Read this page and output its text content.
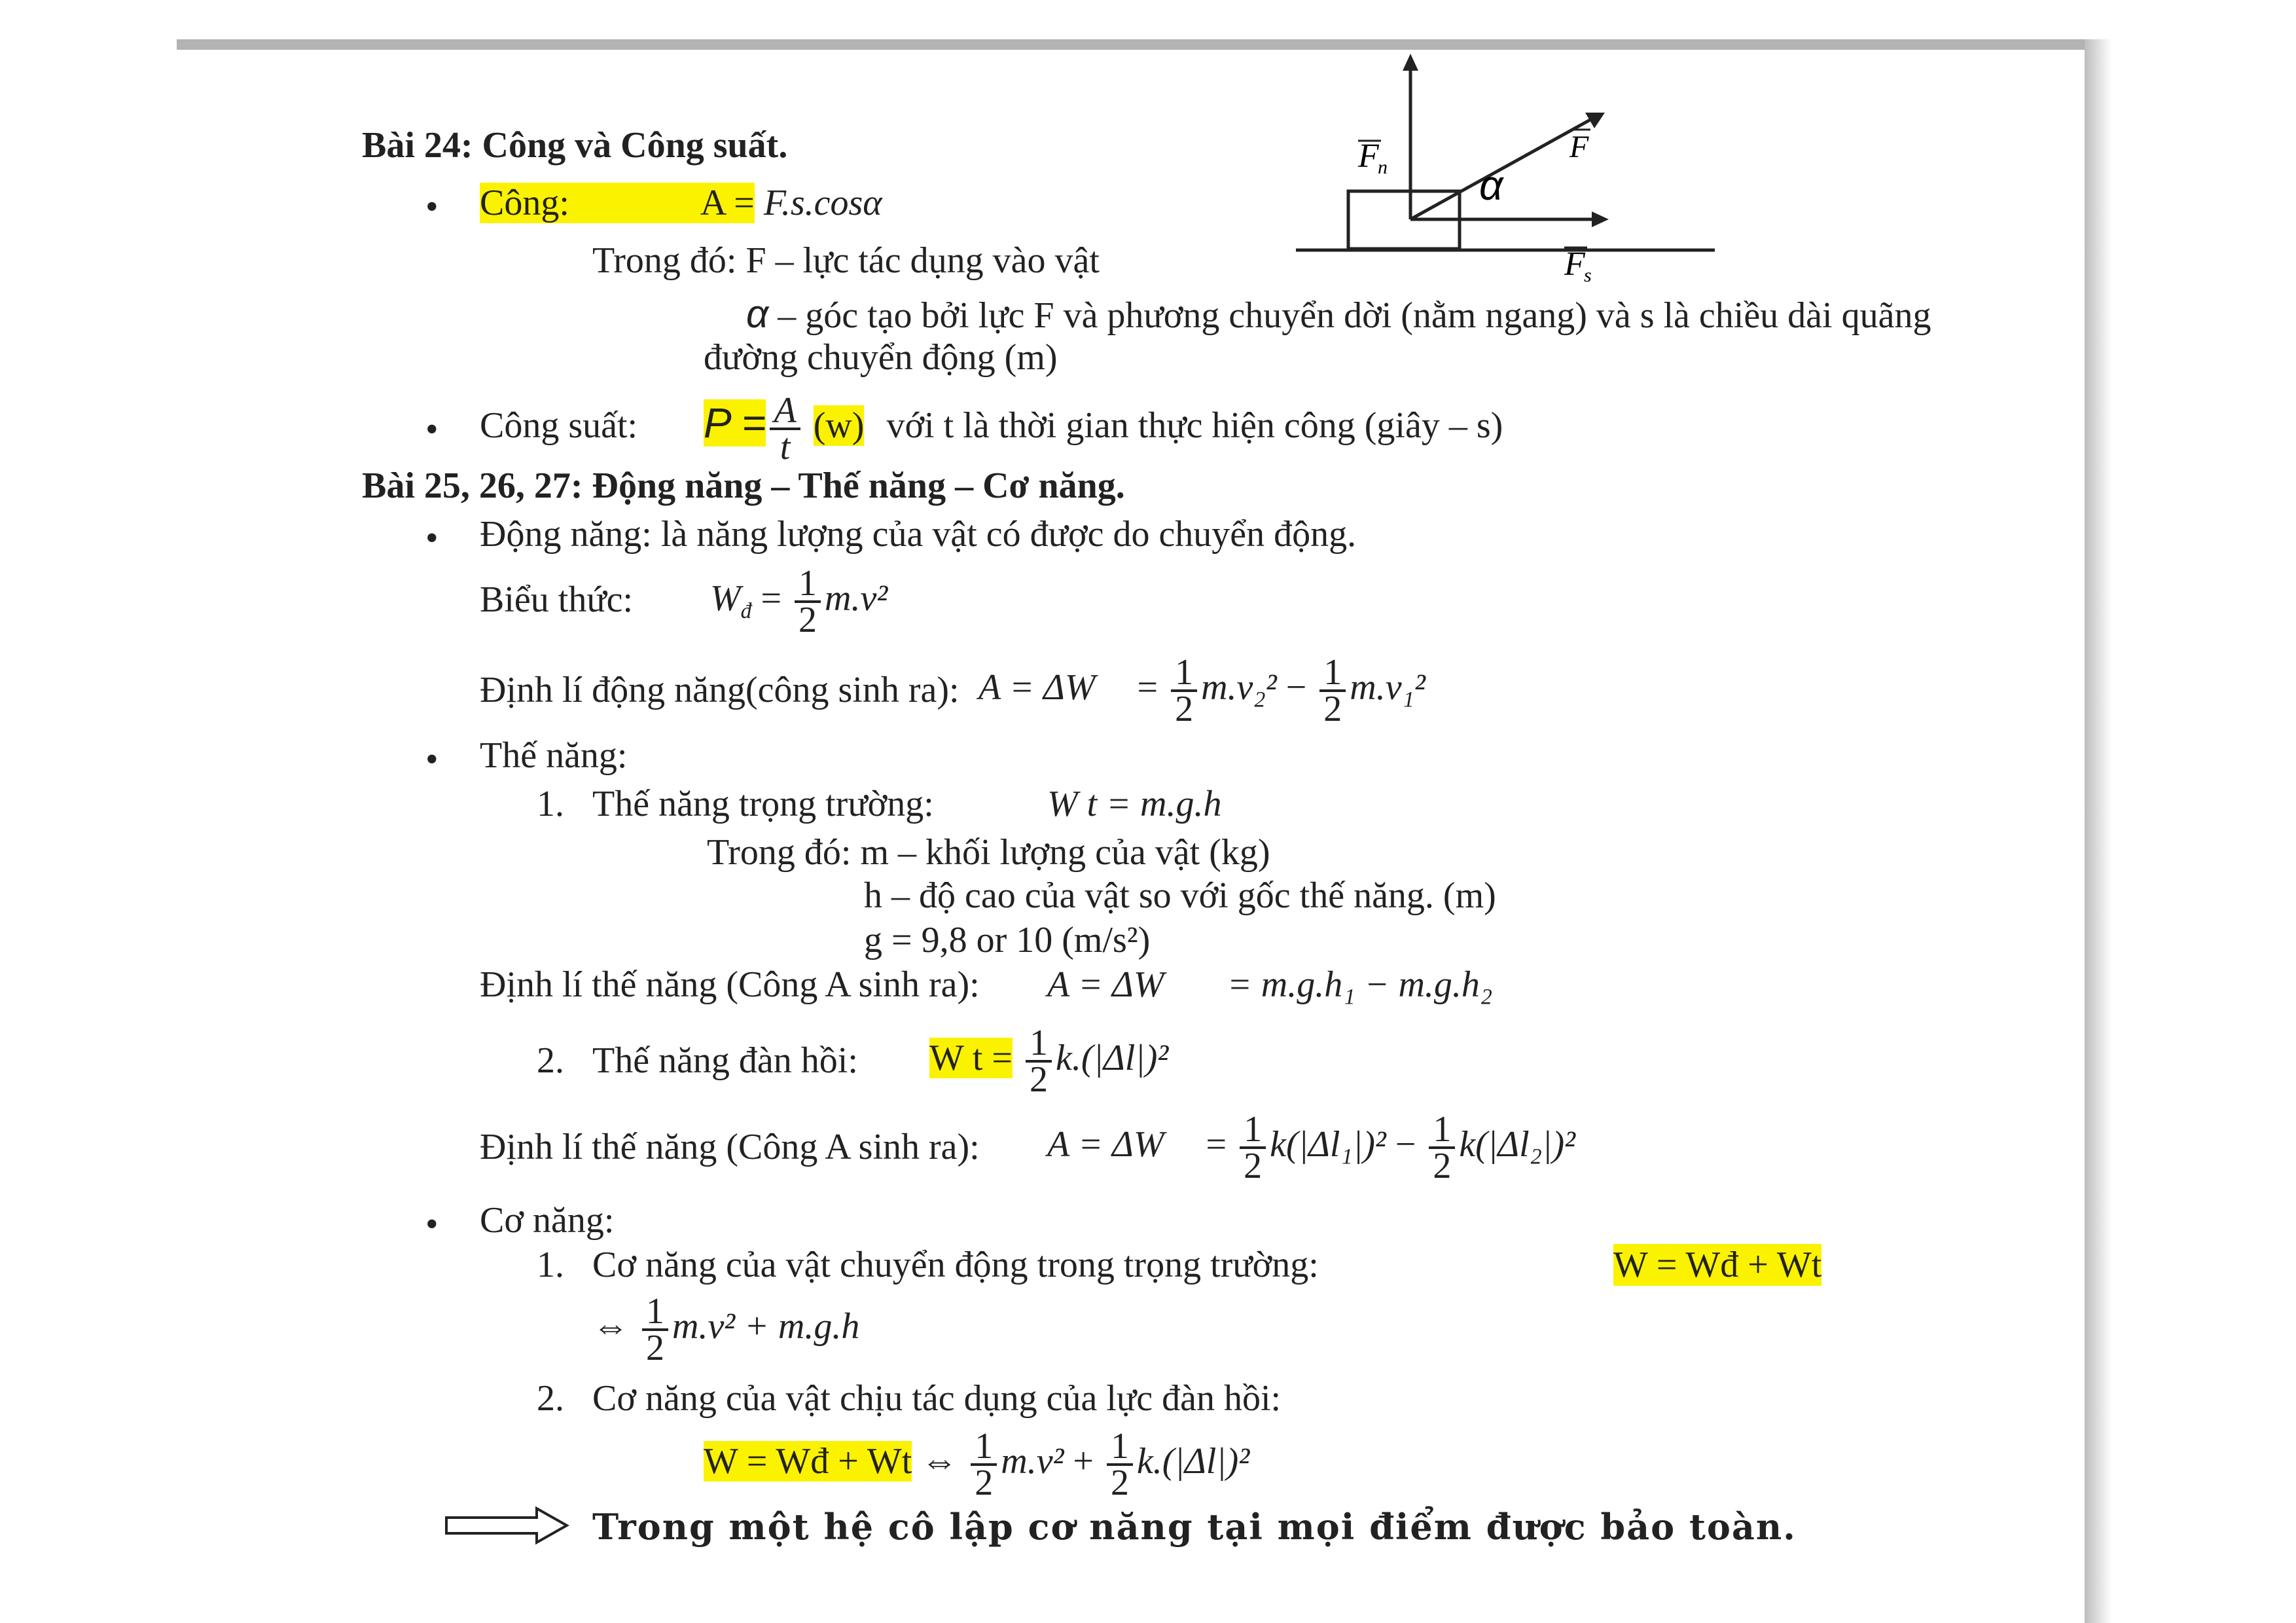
F
n
F
α
F
s
Bài 24: Công và Công suất.
• Công:	A = F.s.cosα
Trong đó: F – lực tác dụng vào vật
α – góc tạo bởi lực F và phương chuyển dời (nằm ngang) và s là chiều dài quãng
đường chuyển động (m)
• Công suất: $P = \frac{A}{t} (w)$ với t là thời gian thực hiện công (giây – s)
Bài 25, 26, 27: Động năng – Thế năng – Cơ năng.
• Động năng: là năng lượng của vật có được do chuyển động.
Biểu thức: $W_đ = \frac{1}{2} m.v^2$
Định lí động năng(công sinh ra): $A = \Delta W = \frac{1}{2} m.v_2^2 - \frac{1}{2} m.v_1^2$
• Thế năng:
1. Thế năng trọng trường:	W t = m.g.h
Trong đó: m – khối lượng của vật (kg)
h – độ cao của vật so với gốc thế năng. (m)
g = 9,8 or 10 (m/s²)
Định lí thế năng (Công A sinh ra): A = ΔW = m.g.h₁ − m.g.h₂
2. Thế năng đàn hồi: W $t = \frac{1}{2} k.(|\Delta l|)^2$
Định lí thế năng (Công A sinh ra): $A = \Delta W = \frac{1}{2} k(|\Delta l_1|)^2 - \frac{1}{2} k(|\Delta l_2|)^2$
• Cơ năng:
1. Cơ năng của vật chuyển động trong trọng trường:	W = Wđ + Wt
⇔ $\frac{1}{2} m.v^2 + m.g.h$
2. Cơ năng của vật chịu tác dụng của lực đàn hồi:
W = Wđ + Wt ⇔ $\frac{1}{2} m.v^2 + \frac{1}{2} k.(|\Delta l|)^2$
Trong một hệ cô lập cơ năng tại mọi điểm được bảo toàn.
